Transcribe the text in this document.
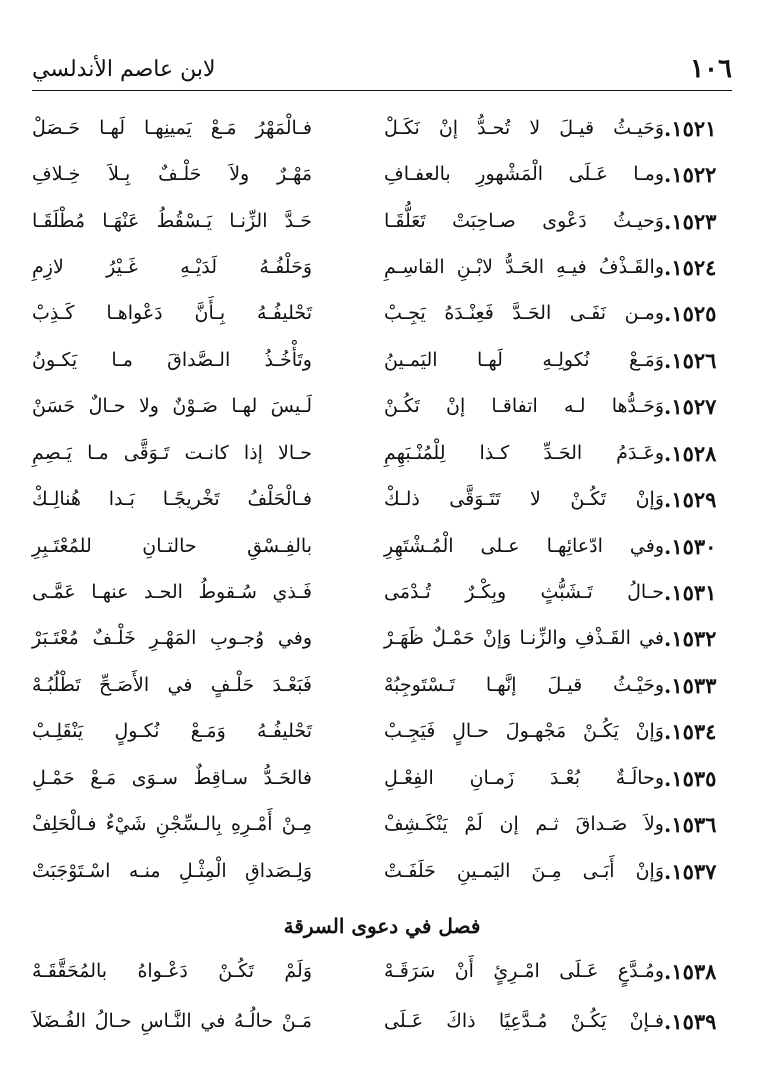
١٠٦
لابن عاصم الأندلسي
١٥٢١.
وَحَيـثُ قيـلَ لا تُحـدُّ إنْ نَكَـلْ
فـالْمَهْرُ مَـعْ يَمينِهـا لَهـا حَـصَلْ
١٥٢٢.
ومـا عَـلَى الْمَشْهورِ بالعفـافِ
مَهْـرٌ ولاَ حَلْـفٌ بِـلاَ خِـلافِ
١٥٢٣.
وَحيـثُ دَعْوى صـاحِبَتْ تَعَلُّقَـا
حَـدَّ الزِّنـا يَـسْقُطُ عَنْهَـا مُطْلَقَـا
١٥٢٤.
والقَـذْفُ فيـهِ الحَـدُّ لابْـنِ القاسِـمِ
وَحَلْفُـهُ لَدَيْـهِ غَـيْرُ لازِمِ
١٥٢٥.
ومـن نَفَـى الحَـدَّ فَعِنْـدَهُ يَجِـبْ
تَحْليفُـهُ بِـأَنَّ دَعْواهـا كَـذِبْ
١٥٢٦.
وَمَـعْ نُكولِـهِ لَهـا اليَمـينُ
وتَأْخُـذُ الـصَّداقَ مـا يَكـونُ
١٥٢٧.
وَحَـدُّها لـه اتفاقـا إنْ تَكُـنْ
لَـيسَ لهـا صَـوْنٌ ولا حـالٌ حَسَنْ
١٥٢٨.
وعَـدَمُ الحَـدِّ كـذا لِلْمُنْـبَهِمِ
حـالا إذا كانـت تَـوَقَّى مـا يَـصِمِ
١٥٢٩.
وَإنْ تَكُـنْ لا تَتَـوَقَّى ذلـكْ
فـالْحَلْفُ تَخْريجًـا بَـدا هُنالِـكْ
١٥٣٠.
وفي ادّعائِهـا عـلى الْمُـشْتَهِرِ
بالفِـسْقِ حالتـانِ للمُعْتَـبِرِ
١٥٣١.
حـالُ تَـشَبُّثٍ وبِكْـرٌ تُـدْمَى
فَـذي سُـقوطُ الحـد عنهـا عَمَّـى
١٥٣٢.
في القَـذْفِ والزِّنـا وَإنْ حَمْـلٌ ظَهَـرْ
وفي وُجـوبِ المَهْـرِ خَلْـفٌ مُعْتَـبَرْ
١٥٣٣.
وحَيْـثُ قيـلَ إنَّهـا تَـسْتَوجِبُهْ
فَبَعْـدَ حَلْـفٍ في الأَصَـحِّ تَطْلُبُـهْ
١٥٣٤.
وَإنْ يَكُـنْ مَجْهـولَ حـالٍ فَيَجِـبْ
تَحْليفُـهُ وَمَـعْ نُكـولٍ يَنْقَلِـبْ
١٥٣٥.
وحالَـةٌ بُعْـدَ زَمـانِ الفِعْـلِ
فالحَـدُّ سـاقِطٌ سـوَى مَـعْ حَمْـلِ
١٥٣٦.
ولاَ صَـداقَ ثـم إن لَمْ يَنْكَـشِفْ
مِـنْ أَمْـرِهِ بِالـسِّجْنِ شَيْءٌ فـالْحَلِفْ
١٥٣٧.
وَإنْ أَبَـى مِـنَ اليَمـينِ حَلَفَـتْ
وَلِـصَداقِ الْمِثْـلِ منـه اسْـتَوْجَبَتْ
فصل في دعوى السرقة
١٥٣٨.
ومُـدَّعٍ عَـلَى امْـرِئٍ أَنْ سَرَقَـهْ
وَلَمْ تَكُـنْ دَعْـواهُ بالمُحَقَّقَـهْ
١٥٣٩.
فـإنْ يَكُـنْ مُـدَّعِيًا ذاكَ عَـلَى
مَـنْ حالُـهُ في النَّـاسِ حـالُ الفُـضَلاَ
